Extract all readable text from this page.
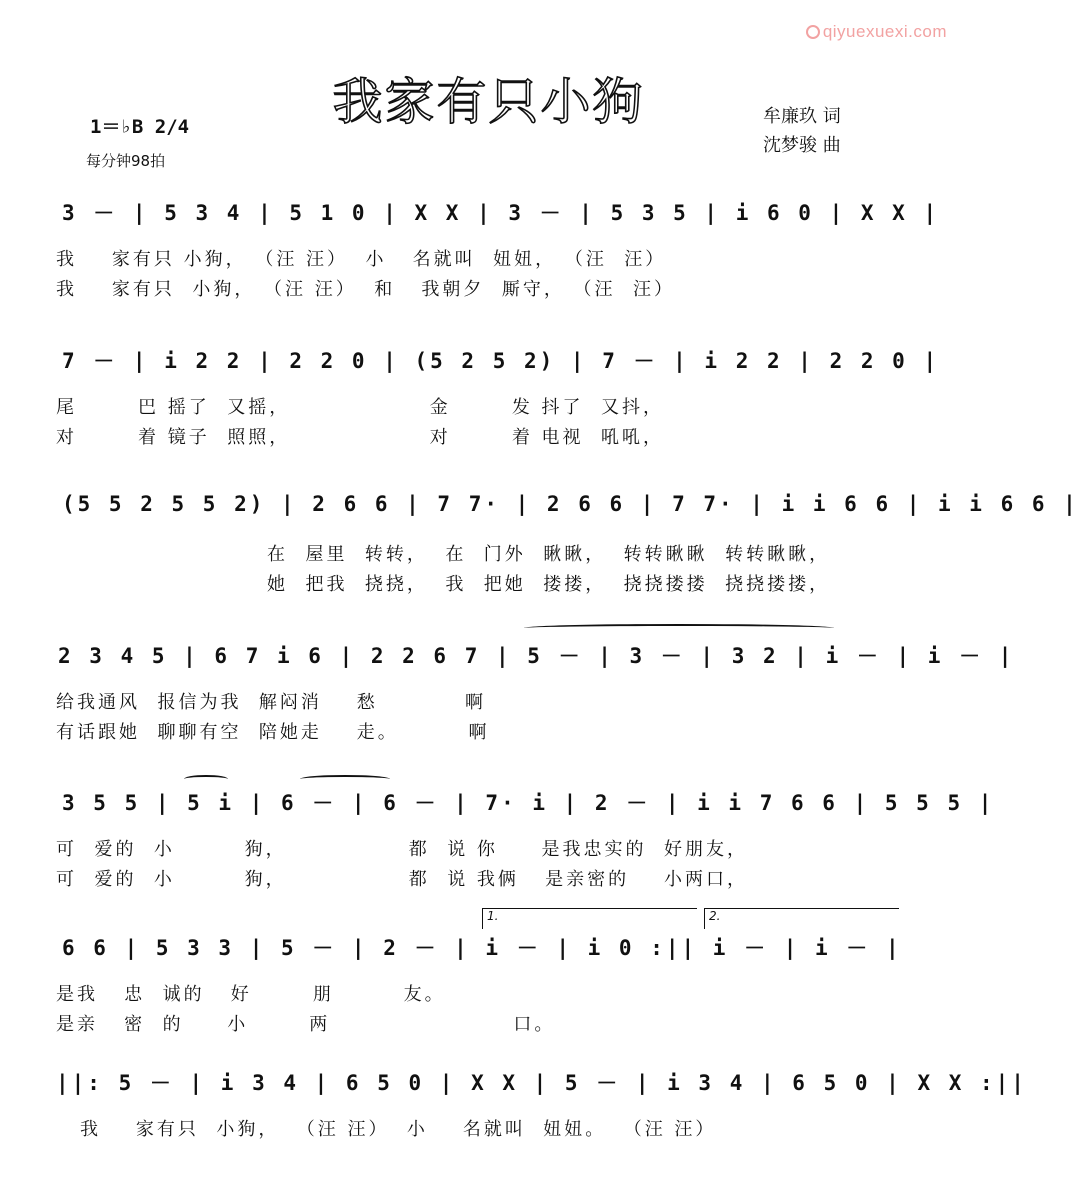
qiyuexuexi.com
我家有只小狗
1＝♭B 2/4
每分钟98拍
牟廉玖 词
沈梦骏 曲
3 － | 5 3 4 | 5 1 0 | X X | 3 － | 5 3 5 | i 6 0 | X X |
我    家有只 小狗， （汪 汪）  小   名就叫  妞妞， （汪  汪）
我    家有只  小狗， （汪 汪）  和   我朝夕  厮守， （汪  汪）
7 － | i 2 2 | 2 2 0 | (5 2 5 2) | 7 － | i 2 2 | 2 2 0 |
尾       巴 摇了  又摇，                金       发 抖了  又抖，
对       着 镜子  照照，                对       着 电视  吼吼，
(5 5 2 5 5 2) | 2 6 6 | 7 7· | 2 6 6 | 7 7· | i i 6 6 | i i 6 6 |
在  屋里  转转，  在  门外  瞅瞅，  转转瞅瞅  转转瞅瞅，
她  把我  挠挠，  我  把她  搂搂，  挠挠搂搂  挠挠搂搂，
2 3 4 5 | 6 7 i 6 | 2 2 6 7 | 5 － | 3 － | 3 2 | i － | i － |
给我通风  报信为我  解闷消    愁          啊
有话跟她  聊聊有空  陪她走    走。        啊
3 5 5 | 5 i | 6 － | 6 － | 7· i | 2 － | i i 7 6 6 | 5 5 5 |
可  爱的  小        狗，              都  说 你     是我忠实的  好朋友，
可  爱的  小        狗，              都  说 我俩   是亲密的    小两口，
1.	2.
6 6 | 5 3 3 | 5 － | 2 － | i － | i 0 :|| i － | i － |
是我   忠  诚的   好       朋        友。
是亲   密  的     小       两                     口。
||: 5 － | i 3 4 | 6 5 0 | X X | 5 － | i 3 4 | 6 5 0 | X X :||
我    家有只  小狗，  （汪 汪）  小    名就叫  妞妞。  （汪 汪）
